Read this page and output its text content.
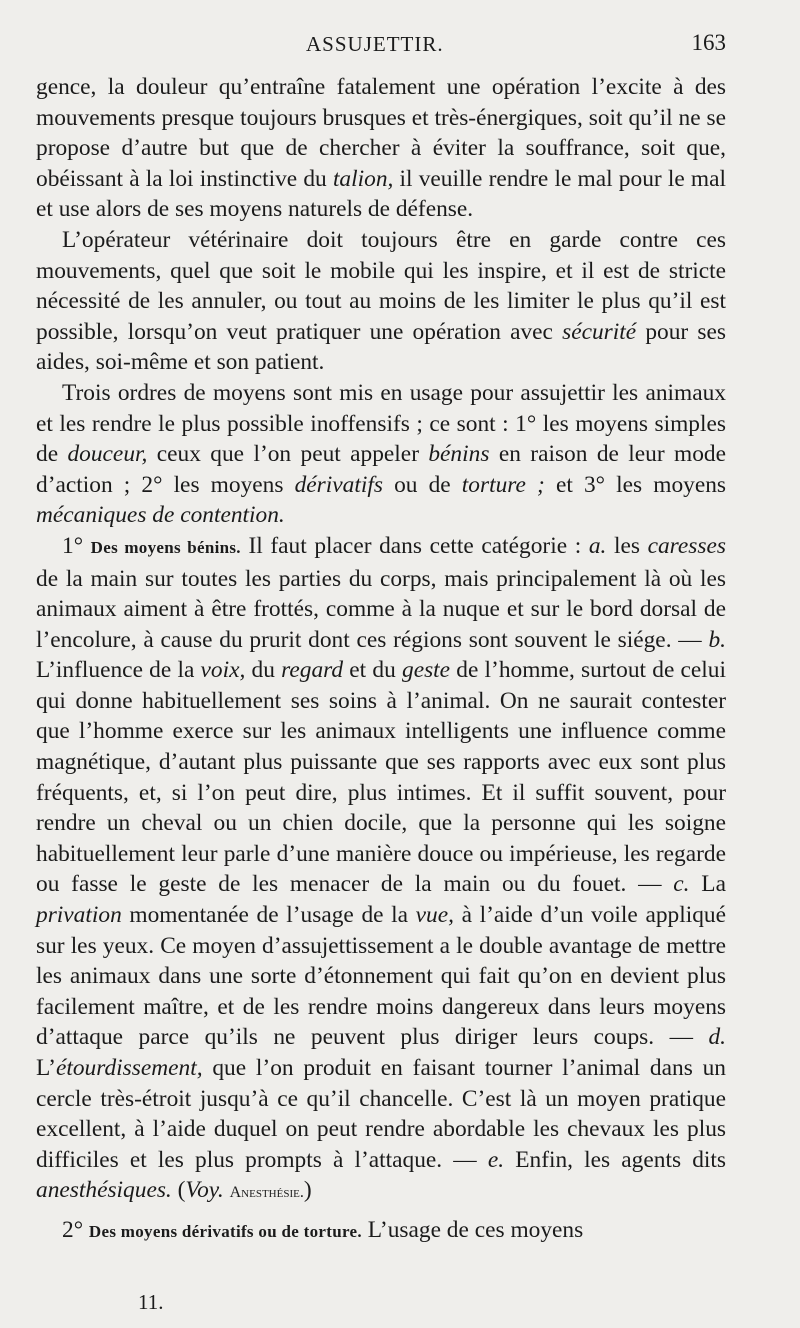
ASSUJETTIR.	163

gence, la douleur qu’entraîne fatalement une opération l’excite à des mouvements presque toujours brusques et très-énergiques, soit qu’il ne se propose d’autre but que de chercher à éviter la souffrance, soit que, obéissant à la loi instinctive du talion, il veuille rendre le mal pour le mal et use alors de ses moyens naturels de défense.

L’opérateur vétérinaire doit toujours être en garde contre ces mouvements, quel que soit le mobile qui les inspire, et il est de stricte nécessité de les annuler, ou tout au moins de les limiter le plus qu’il est possible, lorsqu’on veut pratiquer une opération avec sécurité pour ses aides, soi-même et son patient.

Trois ordres de moyens sont mis en usage pour assujettir les animaux et les rendre le plus possible inoffensifs ; ce sont : 1° les moyens simples de douceur, ceux que l’on peut appeler bénins en raison de leur mode d’action ; 2° les moyens dérivatifs ou de torture ; et 3° les moyens mécaniques de contention.

1° Des moyens bénins. Il faut placer dans cette catégorie : a. les caresses de la main sur toutes les parties du corps, mais principalement là où les animaux aiment à être frottés, comme à la nuque et sur le bord dorsal de l’encolure, à cause du prurit dont ces régions sont souvent le siége. — b. L’influence de la voix, du regard et du geste de l’homme, surtout de celui qui donne habituellement ses soins à l’animal. On ne saurait contester que l’homme exerce sur les animaux intelligents une influence comme magnétique, d’autant plus puissante que ses rapports avec eux sont plus fréquents, et, si l’on peut dire, plus intimes. Et il suffit souvent, pour rendre un cheval ou un chien docile, que la personne qui les soigne habituellement leur parle d’une manière douce ou impérieuse, les regarde ou fasse le geste de les menacer de la main ou du fouet. — c. La privation momentanée de l’usage de la vue, à l’aide d’un voile appliqué sur les yeux. Ce moyen d’assujettissement a le double avantage de mettre les animaux dans une sorte d’étonnement qui fait qu’on en devient plus facilement maître, et de les rendre moins dangereux dans leurs moyens d’attaque parce qu’ils ne peuvent plus diriger leurs coups. — d. L’étourdissement, que l’on produit en faisant tourner l’animal dans un cercle très-étroit jusqu’à ce qu’il chancelle. C’est là un moyen pratique excellent, à l’aide duquel on peut rendre abordable les chevaux les plus difficiles et les plus prompts à l’attaque. — e. Enfin, les agents dits anesthésiques. (Voy. Anesthésie.)

2° Des moyens dérivatifs ou de torture. L’usage de ces moyens

11.
